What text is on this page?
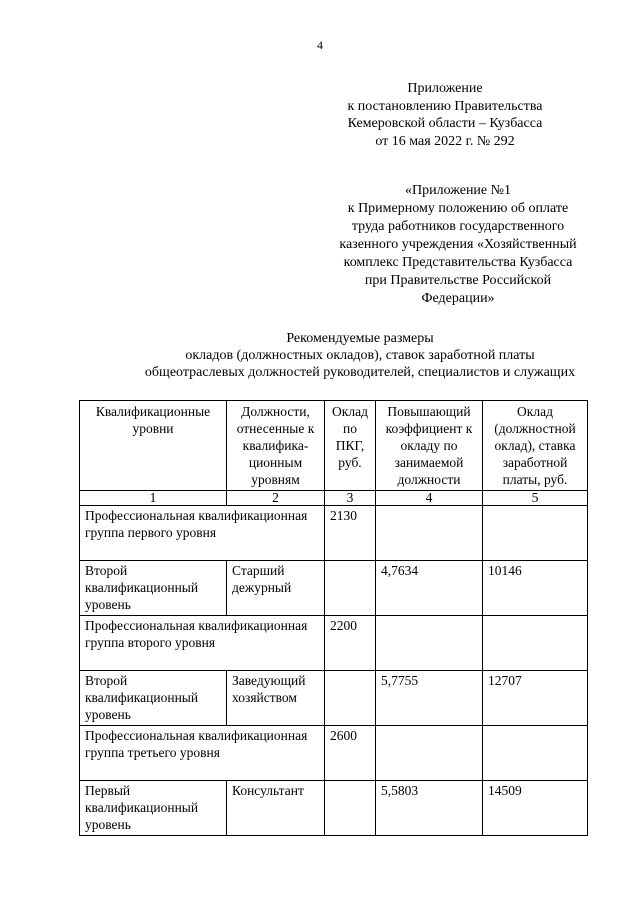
4
Приложение
к постановлению Правительства
Кемеровской области – Кузбасса
от 16 мая 2022 г. № 292
«Приложение №1
к Примерному положению об оплате
труда работников государственного
казенного учреждения «Хозяйственный
комплекс Представительства Кузбасса
при Правительстве Российской
Федерации»
Рекомендуемые размеры
окладов (должностных окладов), ставок заработной платы
общеотраслевых должностей руководителей, специалистов и служащих
Квалификационные уровни	Должности, отнесенные к квалифика-ционным уровням	Оклад по ПКГ, руб.	Повышающий коэффициент к окладу по занимаемой должности	Оклад (должностной оклад), ставка заработной платы, руб.
1	2	3	4	5
Профессиональная квалификационная группа первого уровня		2130		
Второй квалификационный уровень	Старший дежурный		4,7634	10146
Профессиональная квалификационная группа второго уровня		2200		
Второй квалификационный уровень	Заведующий хозяйством		5,7755	12707
Профессиональная квалификационная группа третьего уровня		2600		
Первый квалификационный уровень	Консультант		5,5803	14509
